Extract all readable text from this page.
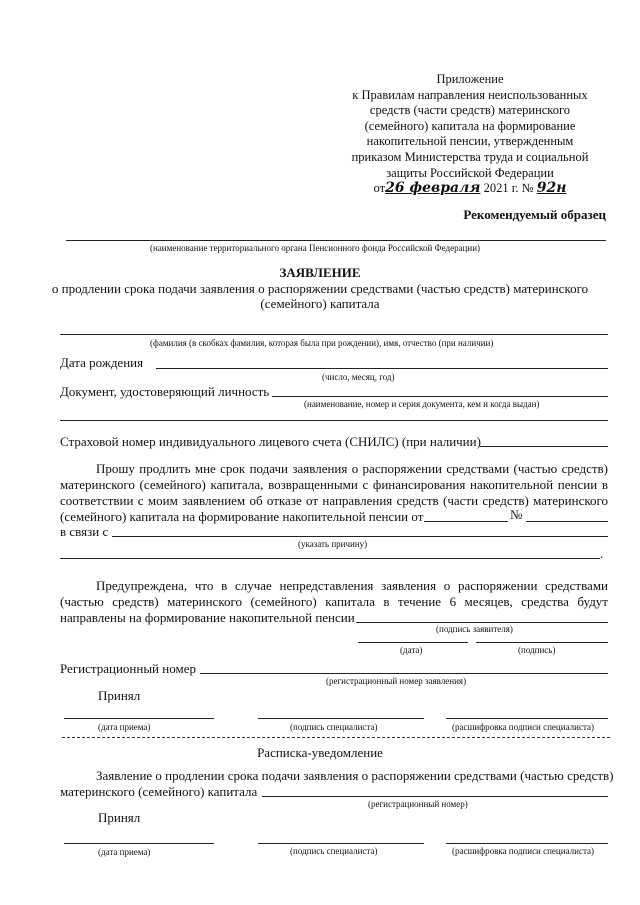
Приложение
к Правилам направления неиспользованных
средств (части средств) материнского
(семейного) капитала на формирование
накопительной пенсии, утвержденным
приказом Министерства труда и социальной
защиты Российской Федерации
от26 февраля 2021 г. № 92н
Рекомендуемый образец
(наименование территориального органа Пенсионного фонда Российской Федерации)
ЗАЯВЛЕНИЕ
о продлении срока подачи заявления о распоряжении средствами (частью средств) материнского
(семейного) капитала
(фамилия (в скобках фамилия, которая была при рождении), имя, отчество (при наличии)
Дата рождения
(число, месяц, год)
Документ, удостоверяющий личность
(наименование, номер и серия документа, кем и когда выдан)
Страховой номер индивидуального лицевого счета (СНИЛС) (при наличии)
Прошу продлить мне срок подачи заявления о распоряжении средствами (частью средств)
материнского (семейного) капитала, возвращенными с финансирования накопительной пенсии в
соответствии с моим заявлением об отказе от направления средств (части средств) материнского
(семейного) капитала на формирование накопительной пенсии от	№
в связи с
(указать причину)
.
Предупреждена, что в случае непредставления заявления о распоряжении средствами
(частью средств) материнского (семейного) капитала в течение 6 месяцев, средства будут
направлены на формирование накопительной пенсии
(подпись заявителя)
(дата)	(подпись)
Регистрационный номер
(регистрационный номер заявления)
Принял
(дата приема)	(подпись специалиста)	(расшифровка подписи специалиста)
Расписка-уведомление
Заявление о продлении срока подачи заявления о распоряжении средствами (частью средств)
материнского (семейного) капитала
(регистрационный номер)
Принял
(дата приема)	(подпись специалиста)	(расшифровка подписи специалиста)
